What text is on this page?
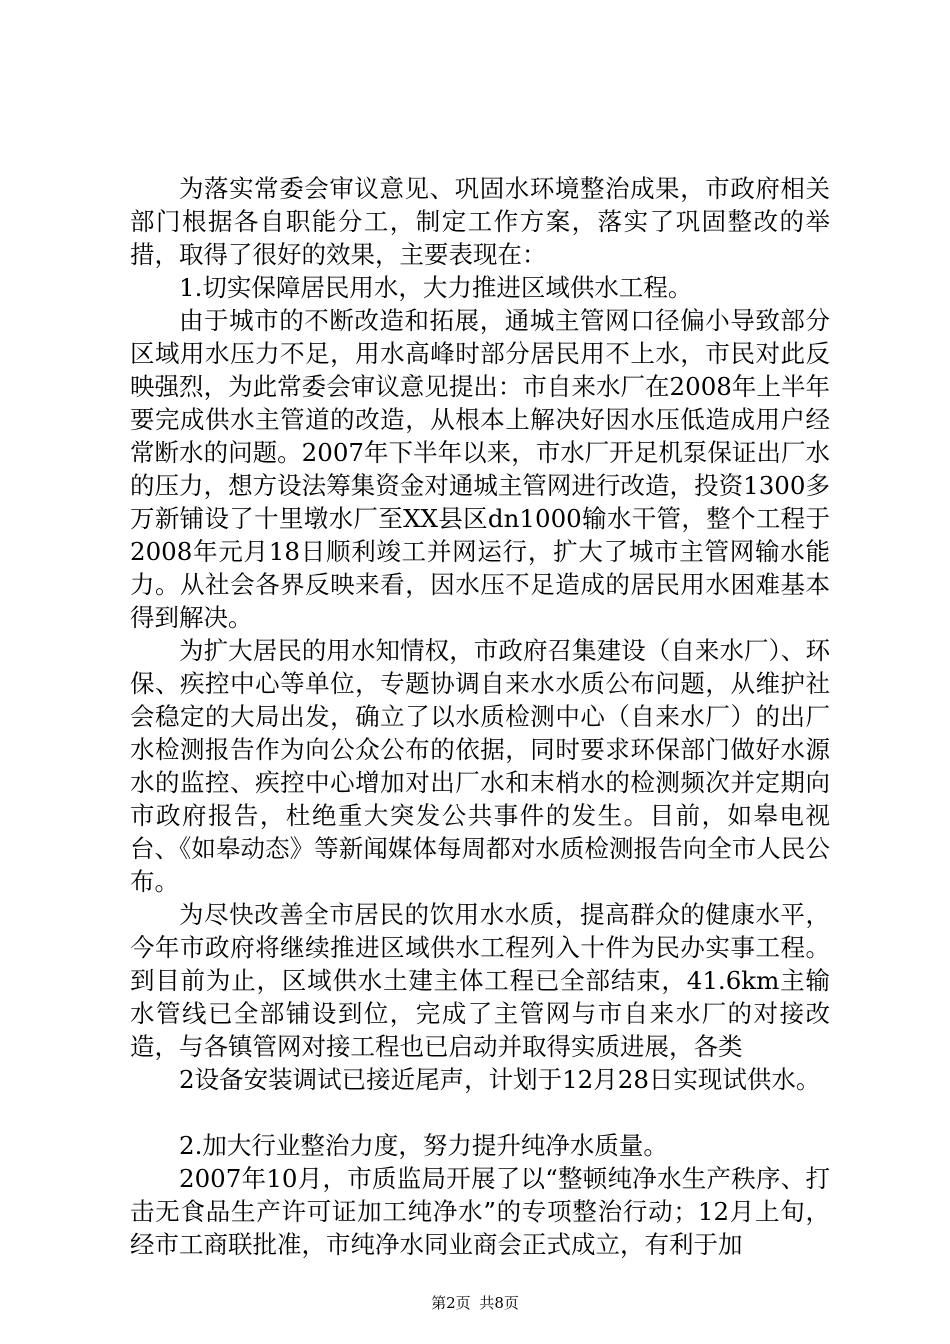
为落实常委会审议意见、巩固水环境整治成果，市政府相关部门根据各自职能分工，制定工作方案，落实了巩固整改的举措，取得了很好的效果，主要表现在：

1.切实保障居民用水，大力推进区域供水工程。

由于城市的不断改造和拓展，通城主管网口径偏小导致部分区域用水压力不足，用水高峰时部分居民用不上水，市民对此反映强烈，为此常委会审议意见提出：市自来水厂在2008年上半年要完成供水主管道的改造，从根本上解决好因水压低造成用户经常断水的问题。2007年下半年以来，市水厂开足机泵保证出厂水的压力，想方设法筹集资金对通城主管网进行改造，投资1300多万新铺设了十里墩水厂至XX县区dn1000输水干管，整个工程于2008年元月18日顺利竣工并网运行，扩大了城市主管网输水能力。从社会各界反映来看，因水压不足造成的居民用水困难基本得到解决。

为扩大居民的用水知情权，市政府召集建设（自来水厂）、环保、疾控中心等单位，专题协调自来水水质公布问题，从维护社会稳定的大局出发，确立了以水质检测中心（自来水厂）的出厂水检测报告作为向公众公布的依据，同时要求环保部门做好水源水的监控、疾控中心增加对出厂水和末梢水的检测频次并定期向市政府报告，杜绝重大突发公共事件的发生。目前，如皋电视台、《如皋动态》等新闻媒体每周都对水质检测报告向全市人民公布。

为尽快改善全市居民的饮用水水质，提高群众的健康水平，今年市政府将继续推进区域供水工程列入十件为民办实事工程。到目前为止，区域供水土建主体工程已全部结束，41.6km主输水管线已全部铺设到位，完成了主管网与市自来水厂的对接改造，与各镇管网对接工程也已启动并取得实质进展，各类

2设备安装调试已接近尾声，计划于12月28日实现试供水。

2.加大行业整治力度，努力提升纯净水质量。

2007年10月，市质监局开展了以“整顿纯净水生产秩序、打击无食品生产许可证加工纯净水”的专项整治行动；12月上旬，经市工商联批准，市纯净水同业商会正式成立，有利于加

第2页 共8页
